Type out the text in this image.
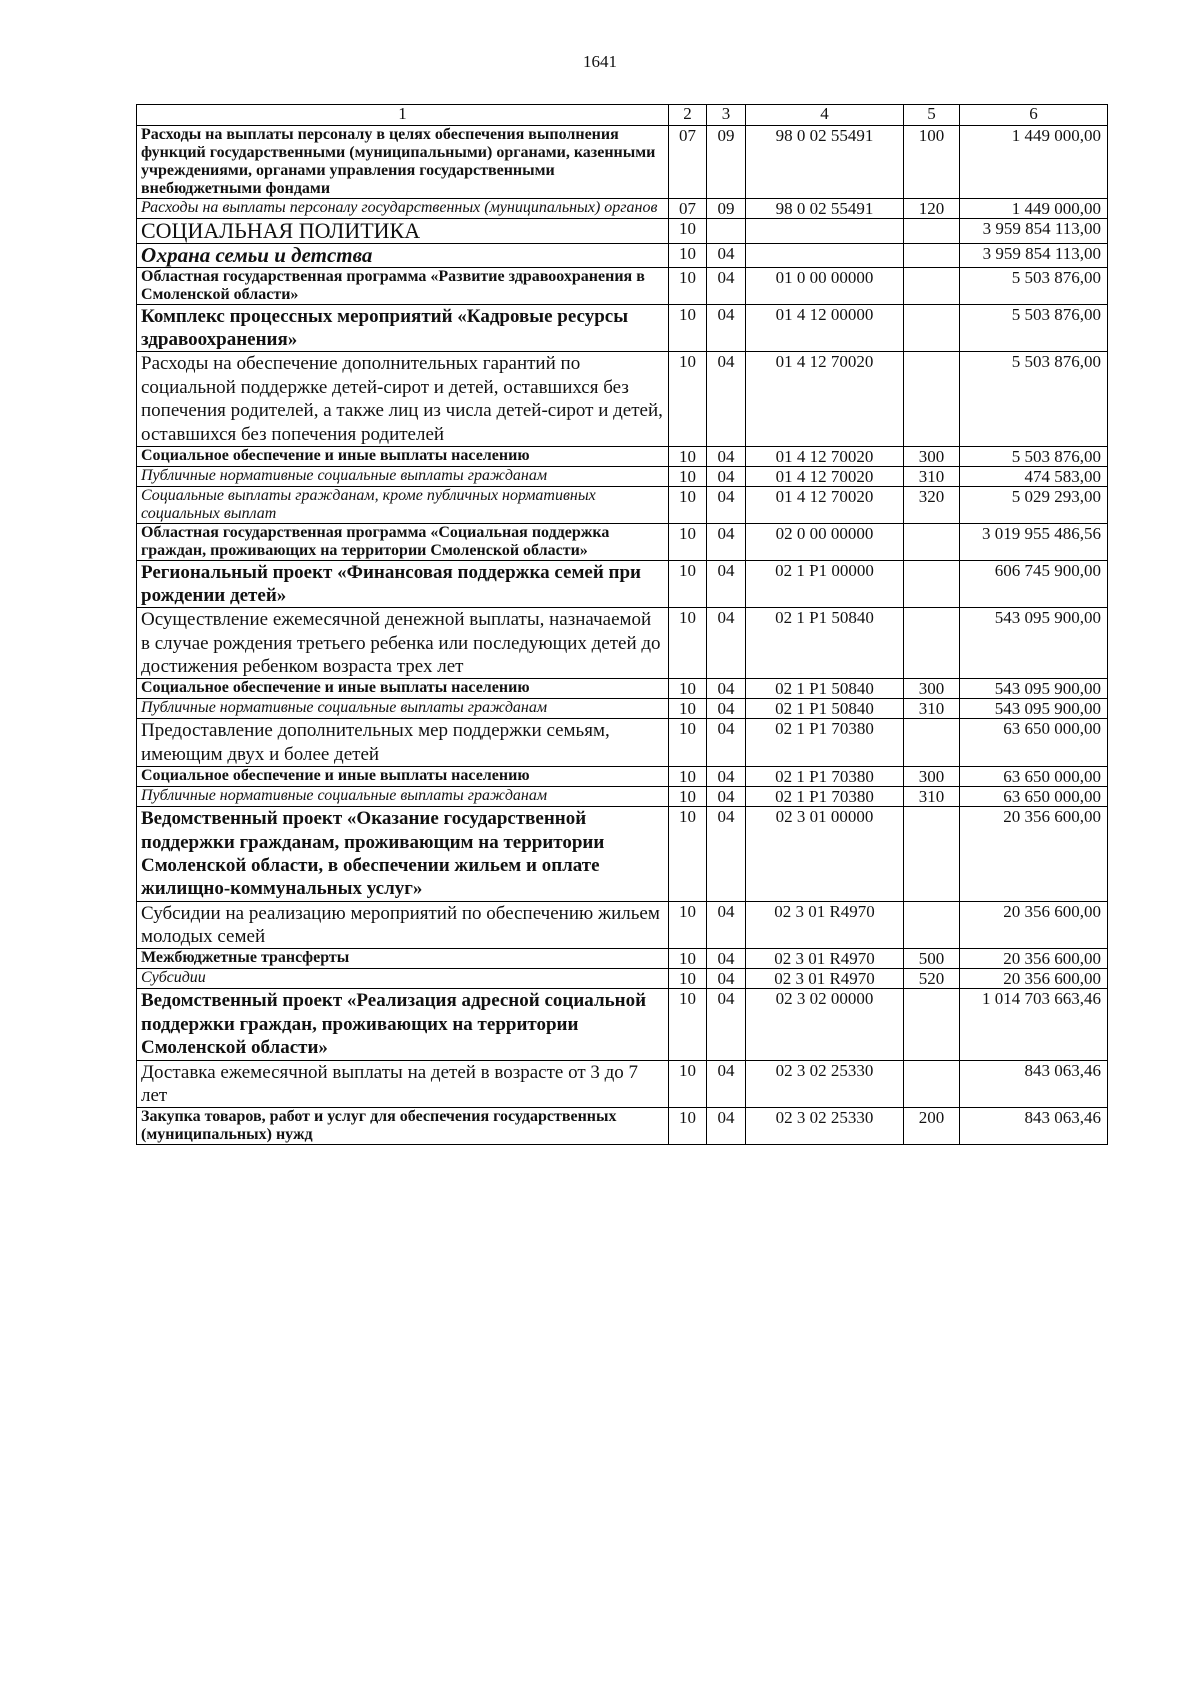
1641
1	2	3	4	5	6
Расходы на выплаты персоналу в целях обеспечения выполнения функций государственными (муниципальными) органами, казенными учреждениями, органами управления государственными внебюджетными фондами	07	09	98 0 02 55491	100	1 449 000,00
Расходы на выплаты персоналу государственных (муниципальных) органов	07	09	98 0 02 55491	120	1 449 000,00
СОЦИАЛЬНАЯ ПОЛИТИКА	10				3 959 854 113,00
Охрана семьи и детства	10	04			3 959 854 113,00
Областная государственная программа «Развитие здравоохранения в Смоленской области»	10	04	01 0 00 00000		5 503 876,00
Комплекс процессных мероприятий «Кадровые ресурсы здравоохранения»	10	04	01 4 12 00000		5 503 876,00
Расходы на обеспечение дополнительных гарантий по социальной поддержке детей-сирот и детей, оставшихся без попечения родителей, а также лиц из числа детей-сирот и детей, оставшихся без попечения родителей	10	04	01 4 12 70020		5 503 876,00
Социальное обеспечение и иные выплаты населению	10	04	01 4 12 70020	300	5 503 876,00
Публичные нормативные социальные выплаты гражданам	10	04	01 4 12 70020	310	474 583,00
Социальные выплаты гражданам, кроме публичных нормативных социальных выплат	10	04	01 4 12 70020	320	5 029 293,00
Областная государственная программа «Социальная поддержка граждан, проживающих на территории Смоленской области»	10	04	02 0 00 00000		3 019 955 486,56
Региональный проект «Финансовая поддержка семей при рождении детей»	10	04	02 1 P1 00000		606 745 900,00
Осуществление ежемесячной денежной выплаты, назначаемой в случае рождения третьего ребенка или последующих детей до достижения ребенком возраста трех лет	10	04	02 1 P1 50840		543 095 900,00
Социальное обеспечение и иные выплаты населению	10	04	02 1 P1 50840	300	543 095 900,00
Публичные нормативные социальные выплаты гражданам	10	04	02 1 P1 50840	310	543 095 900,00
Предоставление дополнительных мер поддержки семьям, имеющим двух и более детей	10	04	02 1 P1 70380		63 650 000,00
Социальное обеспечение и иные выплаты населению	10	04	02 1 P1 70380	300	63 650 000,00
Публичные нормативные социальные выплаты гражданам	10	04	02 1 P1 70380	310	63 650 000,00
Ведомственный проект «Оказание государственной поддержки гражданам, проживающим на территории Смоленской области, в обеспечении жильем и оплате жилищно-коммунальных услуг»	10	04	02 3 01 00000		20 356 600,00
Субсидии на реализацию мероприятий по обеспечению жильем молодых семей	10	04	02 3 01 R4970		20 356 600,00
Межбюджетные трансферты	10	04	02 3 01 R4970	500	20 356 600,00
Субсидии	10	04	02 3 01 R4970	520	20 356 600,00
Ведомственный проект «Реализация адресной социальной поддержки граждан, проживающих на территории Смоленской области»	10	04	02 3 02 00000		1 014 703 663,46
Доставка ежемесячной выплаты на детей в возрасте от 3 до 7 лет	10	04	02 3 02 25330		843 063,46
Закупка товаров, работ и услуг для обеспечения государственных (муниципальных) нужд	10	04	02 3 02 25330	200	843 063,46
